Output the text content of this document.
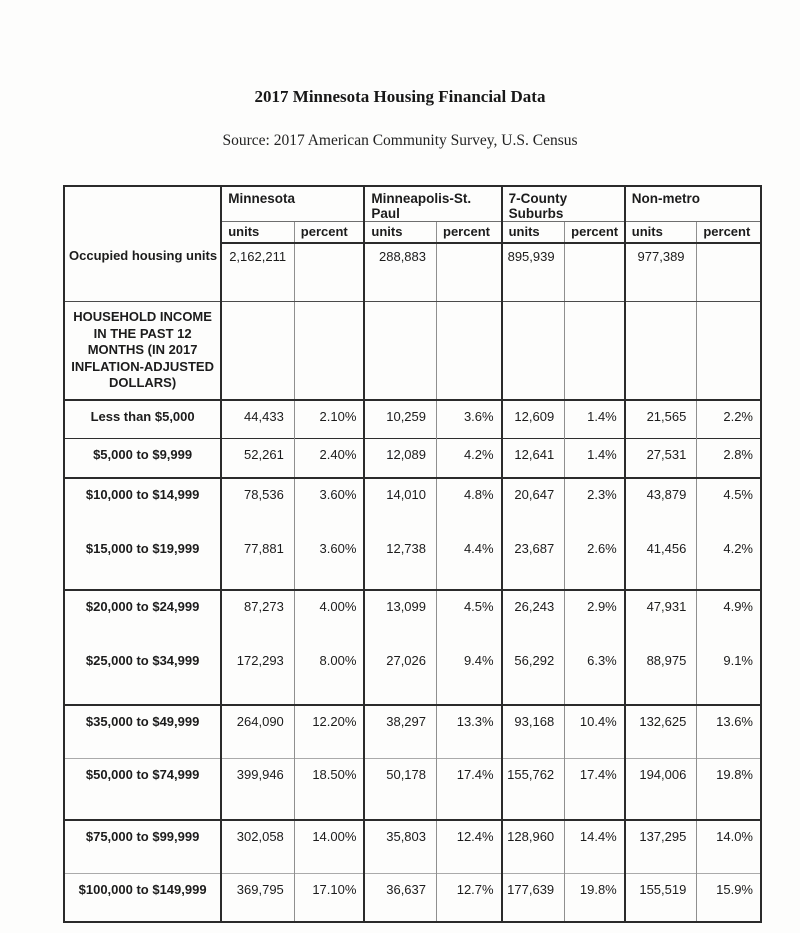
2017 Minnesota Housing Financial Data

Source: 2017 American Community Survey, U.S. Census

	Minnesota		Minneapolis-St. Paul		7-County Suburbs		Non-metro	
	units	percent	units	percent	units	percent	units	percent
Occupied housing units	2,162,211		288,883		895,939		977,389	
HOUSEHOLD INCOME IN THE PAST 12 MONTHS (IN 2017 INFLATION-ADJUSTED DOLLARS)								
Less than $5,000	44,433	2.10%	10,259	3.6%	12,609	1.4%	21,565	2.2%
$5,000 to $9,999	52,261	2.40%	12,089	4.2%	12,641	1.4%	27,531	2.8%
$10,000 to $14,999	78,536	3.60%	14,010	4.8%	20,647	2.3%	43,879	4.5%
$15,000 to $19,999	77,881	3.60%	12,738	4.4%	23,687	2.6%	41,456	4.2%
$20,000 to $24,999	87,273	4.00%	13,099	4.5%	26,243	2.9%	47,931	4.9%
$25,000 to $34,999	172,293	8.00%	27,026	9.4%	56,292	6.3%	88,975	9.1%
$35,000 to $49,999	264,090	12.20%	38,297	13.3%	93,168	10.4%	132,625	13.6%
$50,000 to $74,999	399,946	18.50%	50,178	17.4%	155,762	17.4%	194,006	19.8%
$75,000 to $99,999	302,058	14.00%	35,803	12.4%	128,960	14.4%	137,295	14.0%
$100,000 to $149,999	369,795	17.10%	36,637	12.7%	177,639	19.8%	155,519	15.9%
